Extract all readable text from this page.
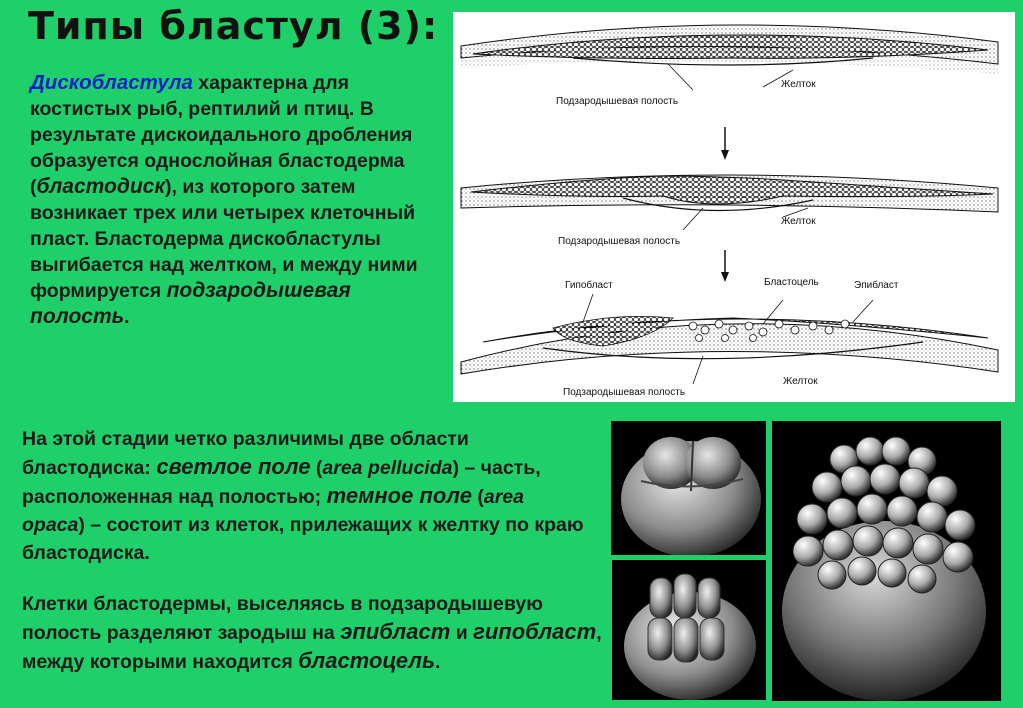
Типы бластул (3):
Дискобластула характерна для костистых рыб, рептилий и птиц. В результате дискоидального дробления образуется однослойная бластодерма (бластодиск), из которого затем возникает трех или четырех клеточный пласт. Бластодерма дискобластулы выгибается над желтком, и между ними формируется подзародышевая полость.
Подзародышевая полость
Желток
Подзародышевая полость
Желток
Гипобласт	Бластоцель	Эпибласт
Подзародышевая полость
Желток
На этой стадии четко различимы две области бластодиска: светлое поле (area pellucida) – часть, расположенная над полостью; темное поле (area opaca) – состоит из клеток, прилежащих к желтку по краю бластодиска.
Клетки бластодермы, выселяясь в подзародышевую полость разделяют зародыш на эпибласт и гипобласт, между которыми находится бластоцель.
